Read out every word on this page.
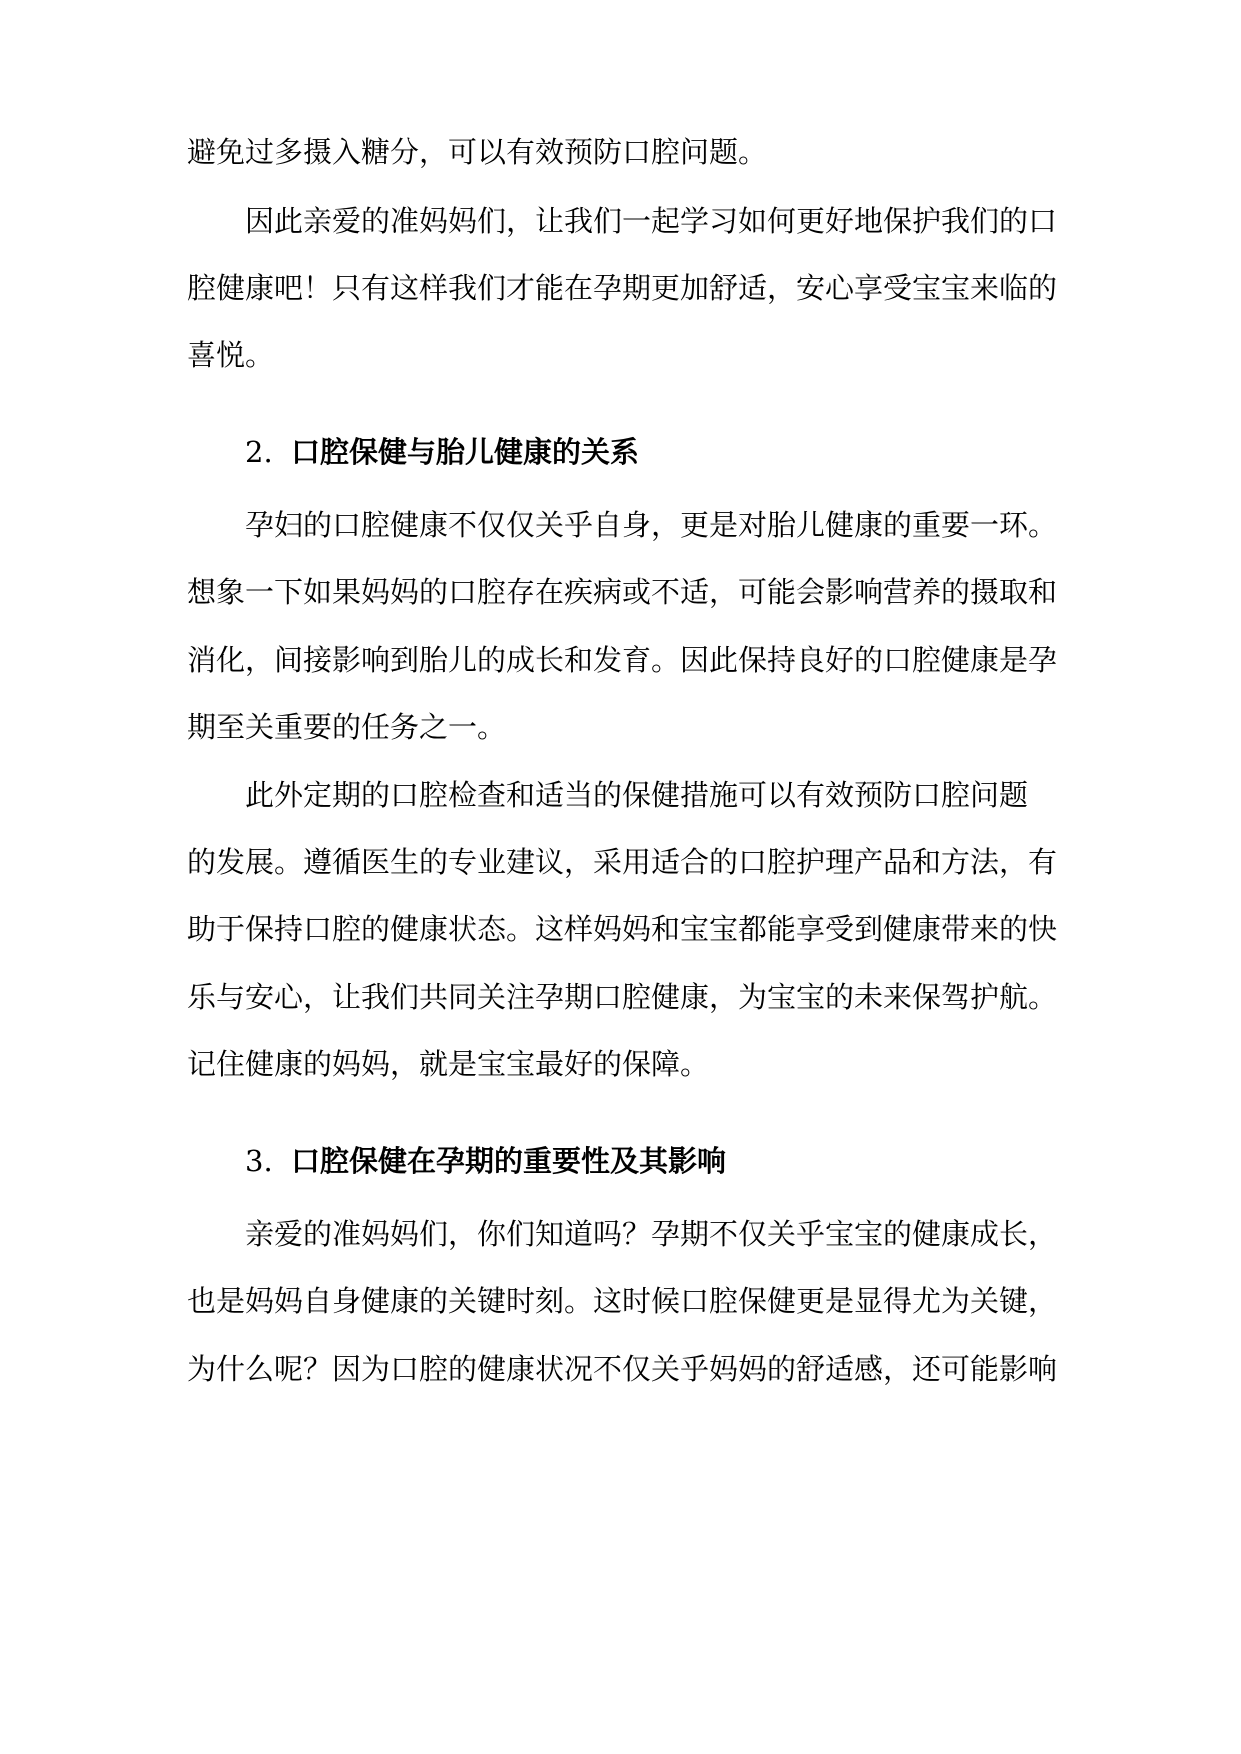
避免过多摄入糖分，可以有效预防口腔问题。
因此亲爱的准妈妈们，让我们一起学习如何更好地保护我们的口
腔健康吧！只有这样我们才能在孕期更加舒适，安心享受宝宝来临的
喜悦。
2. 口腔保健与胎儿健康的关系
孕妇的口腔健康不仅仅关乎自身，更是对胎儿健康的重要一环。
想象一下如果妈妈的口腔存在疾病或不适，可能会影响营养的摄取和
消化，间接影响到胎儿的成长和发育。因此保持良好的口腔健康是孕
期至关重要的任务之一。
此外定期的口腔检查和适当的保健措施可以有效预防口腔问题
的发展。遵循医生的专业建议，采用适合的口腔护理产品和方法，有
助于保持口腔的健康状态。这样妈妈和宝宝都能享受到健康带来的快
乐与安心，让我们共同关注孕期口腔健康，为宝宝的未来保驾护航。
记住健康的妈妈，就是宝宝最好的保障。
3. 口腔保健在孕期的重要性及其影响
亲爱的准妈妈们，你们知道吗？孕期不仅关乎宝宝的健康成长，
也是妈妈自身健康的关键时刻。这时候口腔保健更是显得尤为关键，
为什么呢？因为口腔的健康状况不仅关乎妈妈的舒适感，还可能影响
